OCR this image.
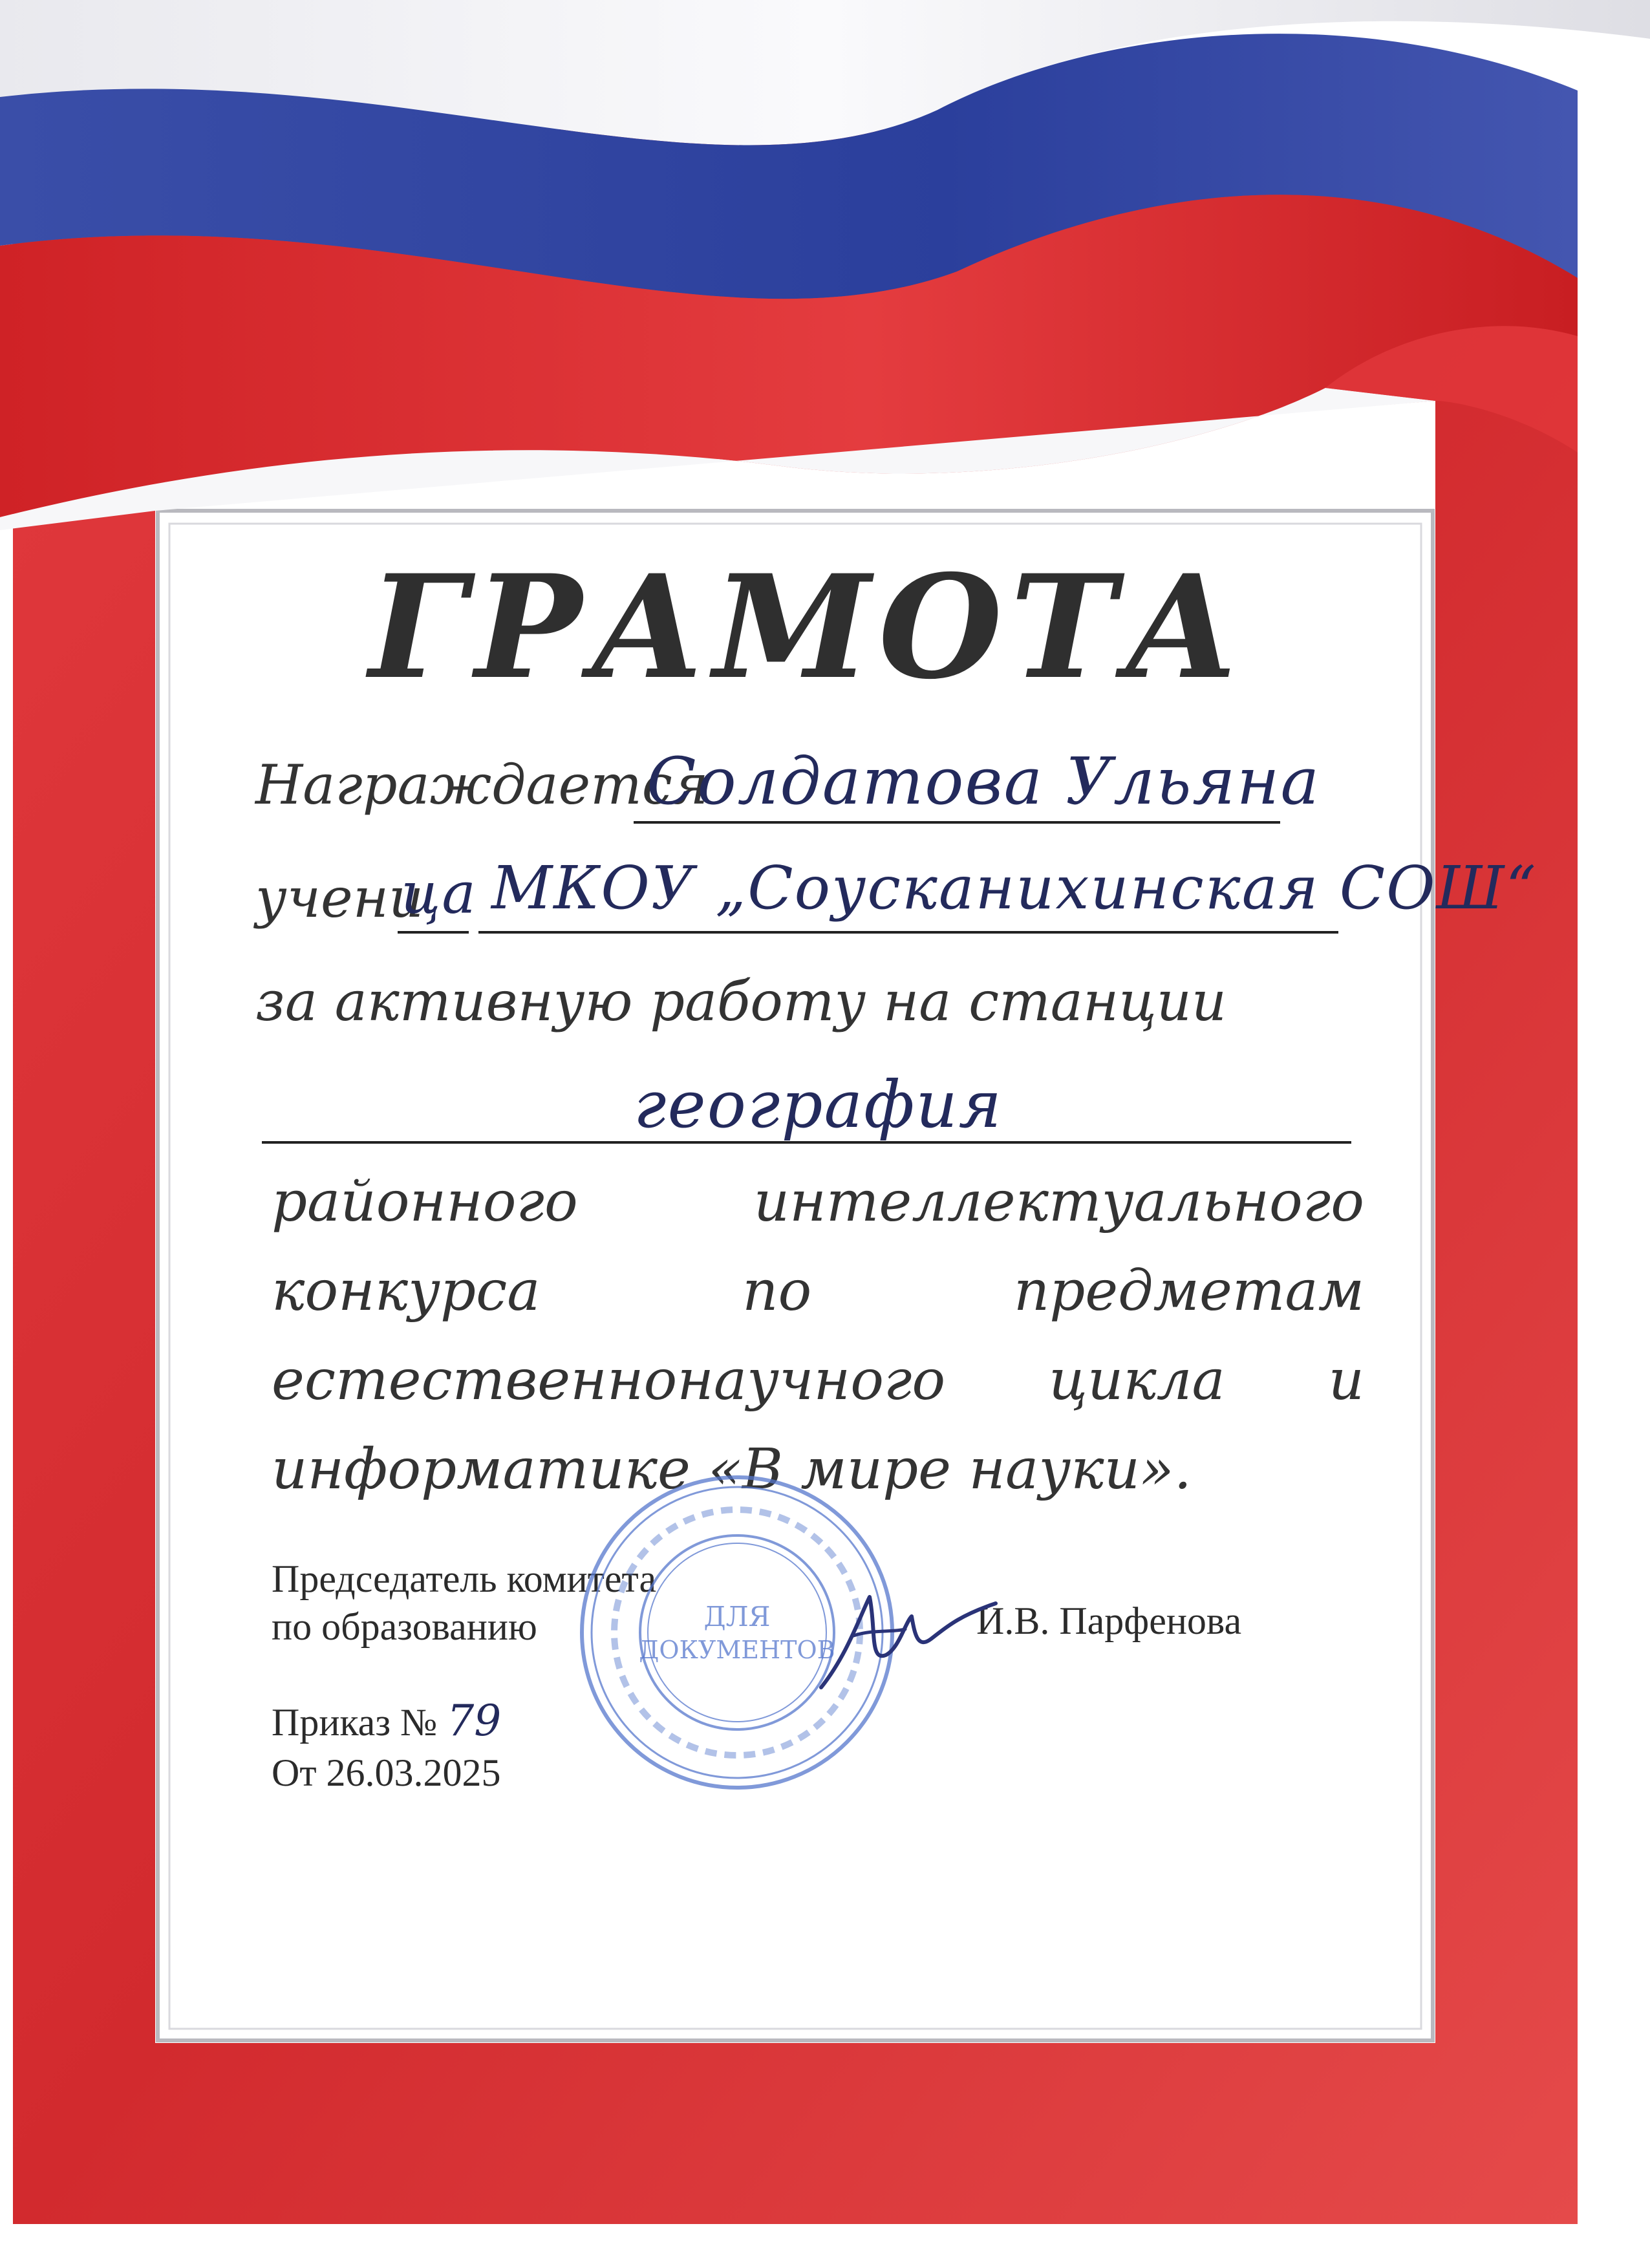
ГРАМОТА
Награждается
Солдатова Ульяна
учени
ца МКОУ „Соусканихинская СОШ“
за активную работу на станции
география
районного интеллектуального конкурса по предметам естественнонаучного цикла и информатике «В мире науки».
Председатель комитета
по образованию	И.В. Парфенова
ДЛЯ
ДОКУМЕНТОВ
Приказ № 79
От 26.03.2025
